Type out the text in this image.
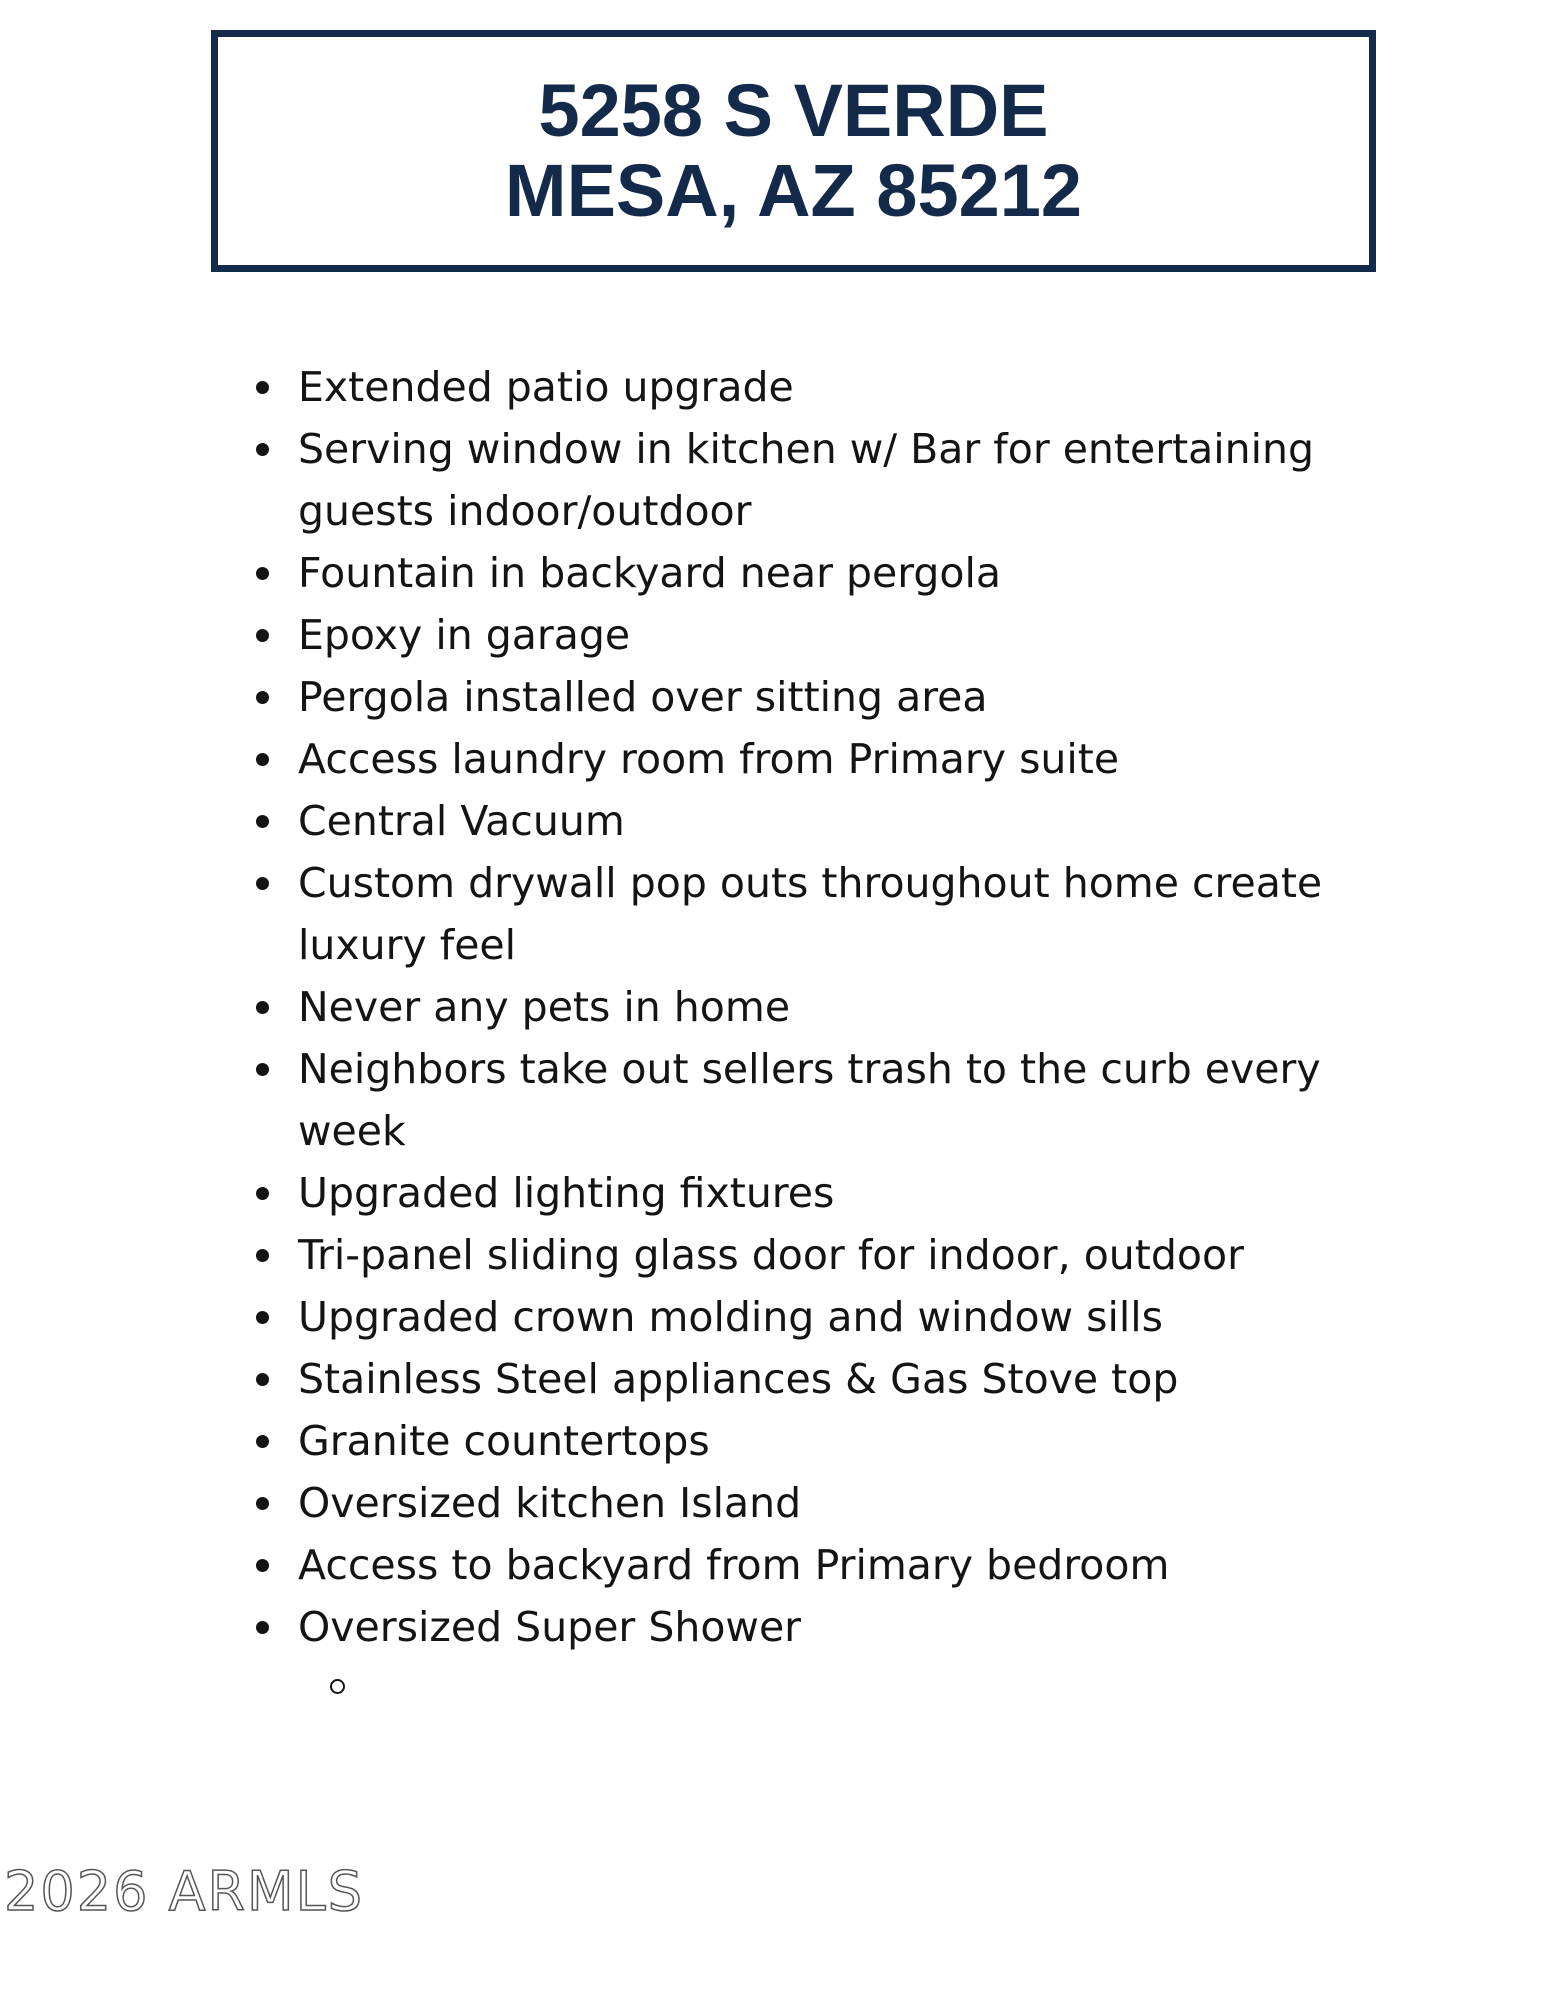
5258 S VERDE
MESA, AZ 85212
Extended patio upgrade
Serving window in kitchen w/ Bar for entertaining guests indoor/outdoor
Fountain in backyard near pergola
Epoxy in garage
Pergola installed over sitting area
Access laundry room from Primary suite
Central Vacuum
Custom drywall pop outs throughout home create luxury feel
Never any pets in home
Neighbors take out sellers trash to the curb every week
Upgraded lighting fixtures
Tri-panel sliding glass door for indoor, outdoor
Upgraded crown molding and window sills
Stainless Steel appliances & Gas Stove top
Granite countertops
Oversized kitchen Island
Access to backyard from Primary bedroom
Oversized Super Shower
2026 ARMLS
